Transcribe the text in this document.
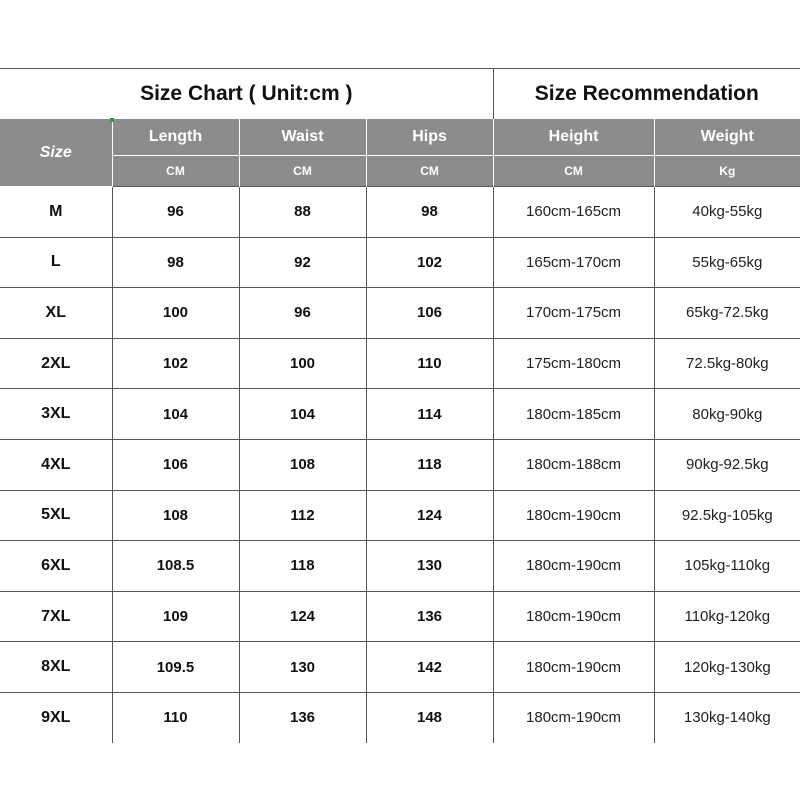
Size Chart ( Unit:cm )				Size Recommendation	
Size	Length	Waist	Hips	Height	Weight
	CM	CM	CM	CM	Kg
M	96	88	98	160cm-165cm	40kg-55kg
L	98	92	102	165cm-170cm	55kg-65kg
XL	100	96	106	170cm-175cm	65kg-72.5kg
2XL	102	100	110	175cm-180cm	72.5kg-80kg
3XL	104	104	114	180cm-185cm	80kg-90kg
4XL	106	108	118	180cm-188cm	90kg-92.5kg
5XL	108	112	124	180cm-190cm	92.5kg-105kg
6XL	108.5	118	130	180cm-190cm	105kg-110kg
7XL	109	124	136	180cm-190cm	110kg-120kg
8XL	109.5	130	142	180cm-190cm	120kg-130kg
9XL	110	136	148	180cm-190cm	130kg-140kg
